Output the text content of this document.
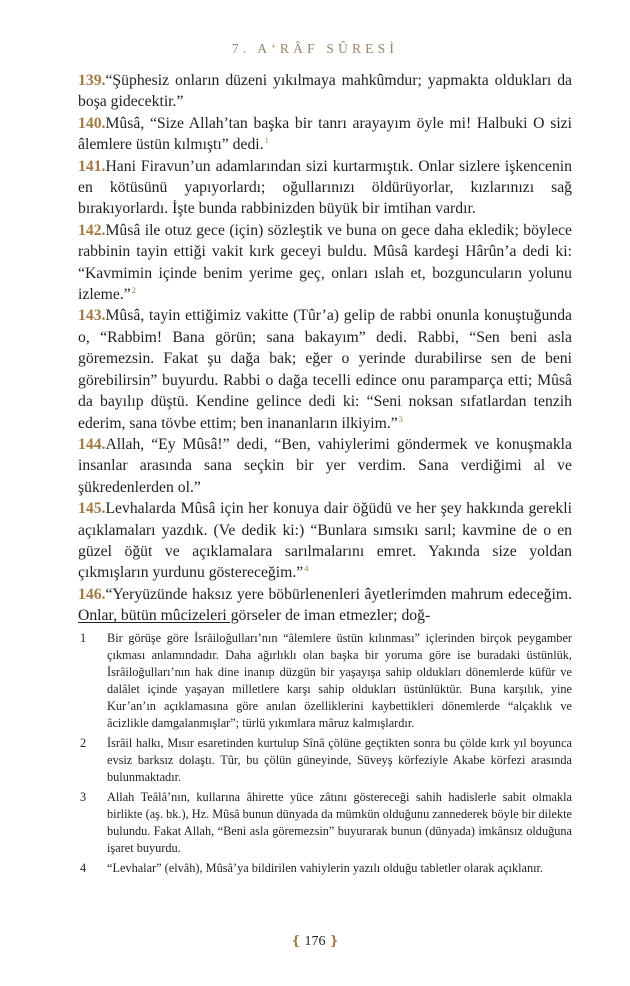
7. A‘RÂF SÛRESİ

139.“Şüphesiz onların düzeni yıkılmaya mahkûmdur; yapmakta oldukları da boşa gidecektir.”

140.Mûsâ, “Size Allah’tan başka bir tanrı arayayım öyle mi! Halbuki O sizi âlemlere üstün kılmıştı” dedi.$^1$

141.Hani Firavun’un adamlarından sizi kurtarmıştık. Onlar sizlere işkencenin en kötüsünü yapıyorlardı; oğullarınızı öldürüyorlar, kızlarınızı sağ bırakıyorlardı. İşte bunda rabbinizden büyük bir imtihan vardır.

142.Mûsâ ile otuz gece (için) sözleştik ve buna on gece daha ekledik; böylece rabbinin tayin ettiği vakit kırk geceyi buldu. Mûsâ kardeşi Hârûn’a dedi ki: “Kavmimin içinde benim yerime geç, onları ıslah et, bozguncuların yolunu izleme.”$^2$

143.Mûsâ, tayin ettiğimiz vakitte (Tûr’a) gelip de rabbi onunla konuştuğunda o, “Rabbim! Bana görün; sana bakayım” dedi. Rabbi, “Sen beni asla göremezsin. Fakat şu dağa bak; eğer o yerinde durabilirse sen de beni görebilirsin” buyurdu. Rabbi o dağa tecelli edince onu paramparça etti; Mûsâ da bayılıp düştü. Kendine gelince dedi ki: “Seni noksan sıfatlardan tenzih ederim, sana tövbe ettim; ben inananların ilkiyim.”$^3$

144.Allah, “Ey Mûsâ!” dedi, “Ben, vahiylerimi göndermek ve konuşmakla insanlar arasında sana seçkin bir yer verdim. Sana verdiğimi al ve şükredenlerden ol.”

145.Levhalarda Mûsâ için her konuya dair öğüdü ve her şey hakkında gerekli açıklamaları yazdık. (Ve dedik ki:) “Bunlara sımsıkı sarıl; kavmine de o en güzel öğüt ve açıklamalara sarılmalarını emret. Yakında size yoldan çıkmışların yurdunu göstereceğim.”$^4$

146.“Yeryüzünde haksız yere böbürlenenleri âyetlerimden mahrum edeceğim. Onlar, bütün mûcizeleri görseler de iman etmezler; doğ-

1	Bir görüşe göre İsrâiloğulları’nın “âlemlere üstün kılınması” içlerinden birçok peygamber çıkması anlamındadır. Daha ağırlıklı olan başka bir yoruma göre ise buradaki üstünlük, İsrâiloğulları’nın hak dine inanıp düzgün bir yaşayışa sahip oldukları dönemlerde küfür ve dalâlet içinde yaşayan milletlere karşı sahip oldukları üstünlüktür. Buna karşılık, yine Kur’an’ın açıklamasına göre anılan özelliklerini kaybettikleri dönemlerde “alçaklık ve âcizlikle damgalanmışlar”; türlü yıkımlara mâruz kalmışlardır.
2	İsrâil halkı, Mısır esaretinden kurtulup Sînâ çölüne geçtikten sonra bu çölde kırk yıl boyunca evsiz barksız dolaştı. Tûr, bu çölün güneyinde, Süveyş körfeziyle Akabe körfezi arasında bulunmaktadır.
3	Allah Teâlâ’nın, kullarına âhirette yüce zâtını göstereceği sahih hadislerle sabit olmakla birlikte (aş. bk.), Hz. Mûsâ bunun dünyada da mümkün olduğunu zannederek böyle bir dilekte bulundu. Fakat Allah, “Beni asla göremezsin” buyurarak bunun (dünyada) imkânsız olduğuna işaret buyurdu.
4	“Levhalar” (elvâh), Mûsâ’ya bildirilen vahiylerin yazılı olduğu tabletler olarak açıklanır.
❴ 176 ❵
